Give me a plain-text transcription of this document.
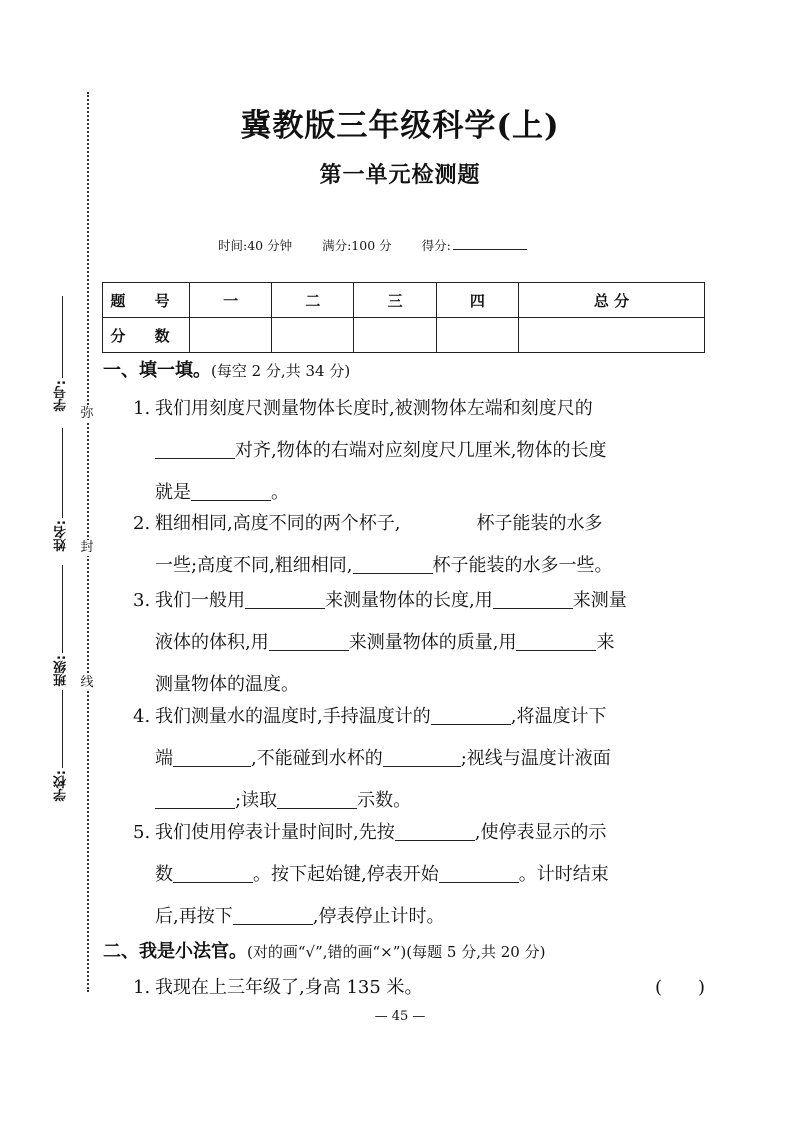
弥
封
线
学号:
姓名:
班级:
学校:
冀教版三年级科学(上)
第一单元检测题
时间:40 分钟 满分:100 分 得分:
题 号	一	二	三	四	总 分
分 数					
一、填一填。(每空 2 分,共 34 分)
1. 我们用刻度尺测量物体长度时,被测物体左端和刻度尺的
对齐,物体的右端对应刻度尺几厘米,物体的长度
就是	。
2. 粗细相同,高度不同的两个杯子,	杯子能装的水多
一些;高度不同,粗细相同,	杯子能装的水多一些。
3. 我们一般用	来测量物体的长度,用	来测量
液体的体积,用	来测量物体的质量,用	来
测量物体的温度。
4. 我们测量水的温度时,手持温度计的	,将温度计下
端	,不能碰到水杯的	;视线与温度计液面
;读取	示数。
5. 我们使用停表计量时间时,先按	,使停表显示的示
数	。按下起始键,停表开始	。计时结束
后,再按下	,停表停止计时。
二、我是小法官。(对的画“√”,错的画“×”)(每题 5 分,共 20 分)
1. 我现在上三年级了,身高 135 米。	(　　)
— 45 —
